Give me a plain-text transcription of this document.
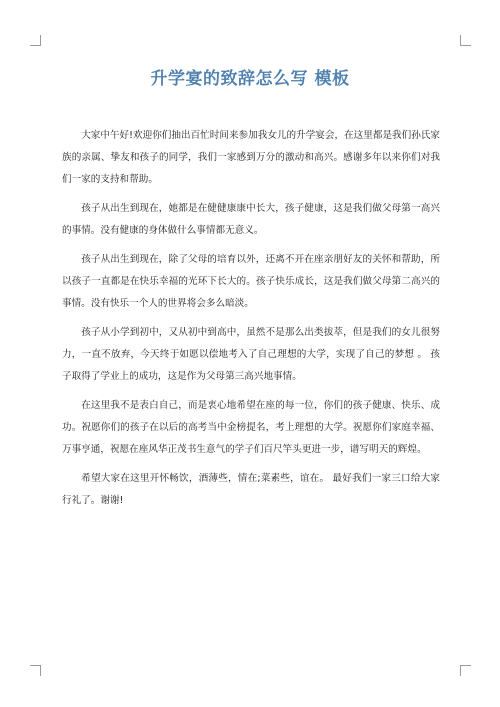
升学宴的致辞怎么写 模板

大家中午好!欢迎你们抽出百忙时间来参加我女儿的升学宴会，在这里都是我们孙氏家族的亲属、挚友和孩子的同学，我们一家感到万分的激动和高兴。感谢多年以来你们对我们一家的支持和帮助。

孩子从出生到现在，她都是在健健康康中长大，孩子健康，这是我们做父母第一高兴的事情。没有健康的身体做什么事情都无意义。

孩子从出生到现在，除了父母的培育以外，还离不开在座亲朋好友的关怀和帮助，所以孩子一直都是在快乐幸福的光环下长大的。孩子快乐成长，这是我们做父母第二高兴的事情。没有快乐一个人的世界将会多么暗淡。

孩子从小学到初中，又从初中到高中，虽然不是那么出类拔萃，但是我们的女儿很努力，一直不放弃，今天终于如愿以偿地考入了自己理想的大学，实现了自己的梦想 。 孩子取得了学业上的成功，这是作为父母第三高兴地事情。

在这里我不是表白自己，而是衷心地希望在座的每一位，你们的孩子健康、快乐、成功。祝愿你们的孩子在以后的高考当中金榜提名，考上理想的大学。祝愿你们家庭幸福、万事亨通，祝愿在座风华正茂书生意气的学子们百尺竿头更进一步，谱写明天的辉煌。

希望大家在这里开怀畅饮，酒薄些，情在;菜素些，谊在。 最好我们一家三口给大家行礼了。谢谢!
